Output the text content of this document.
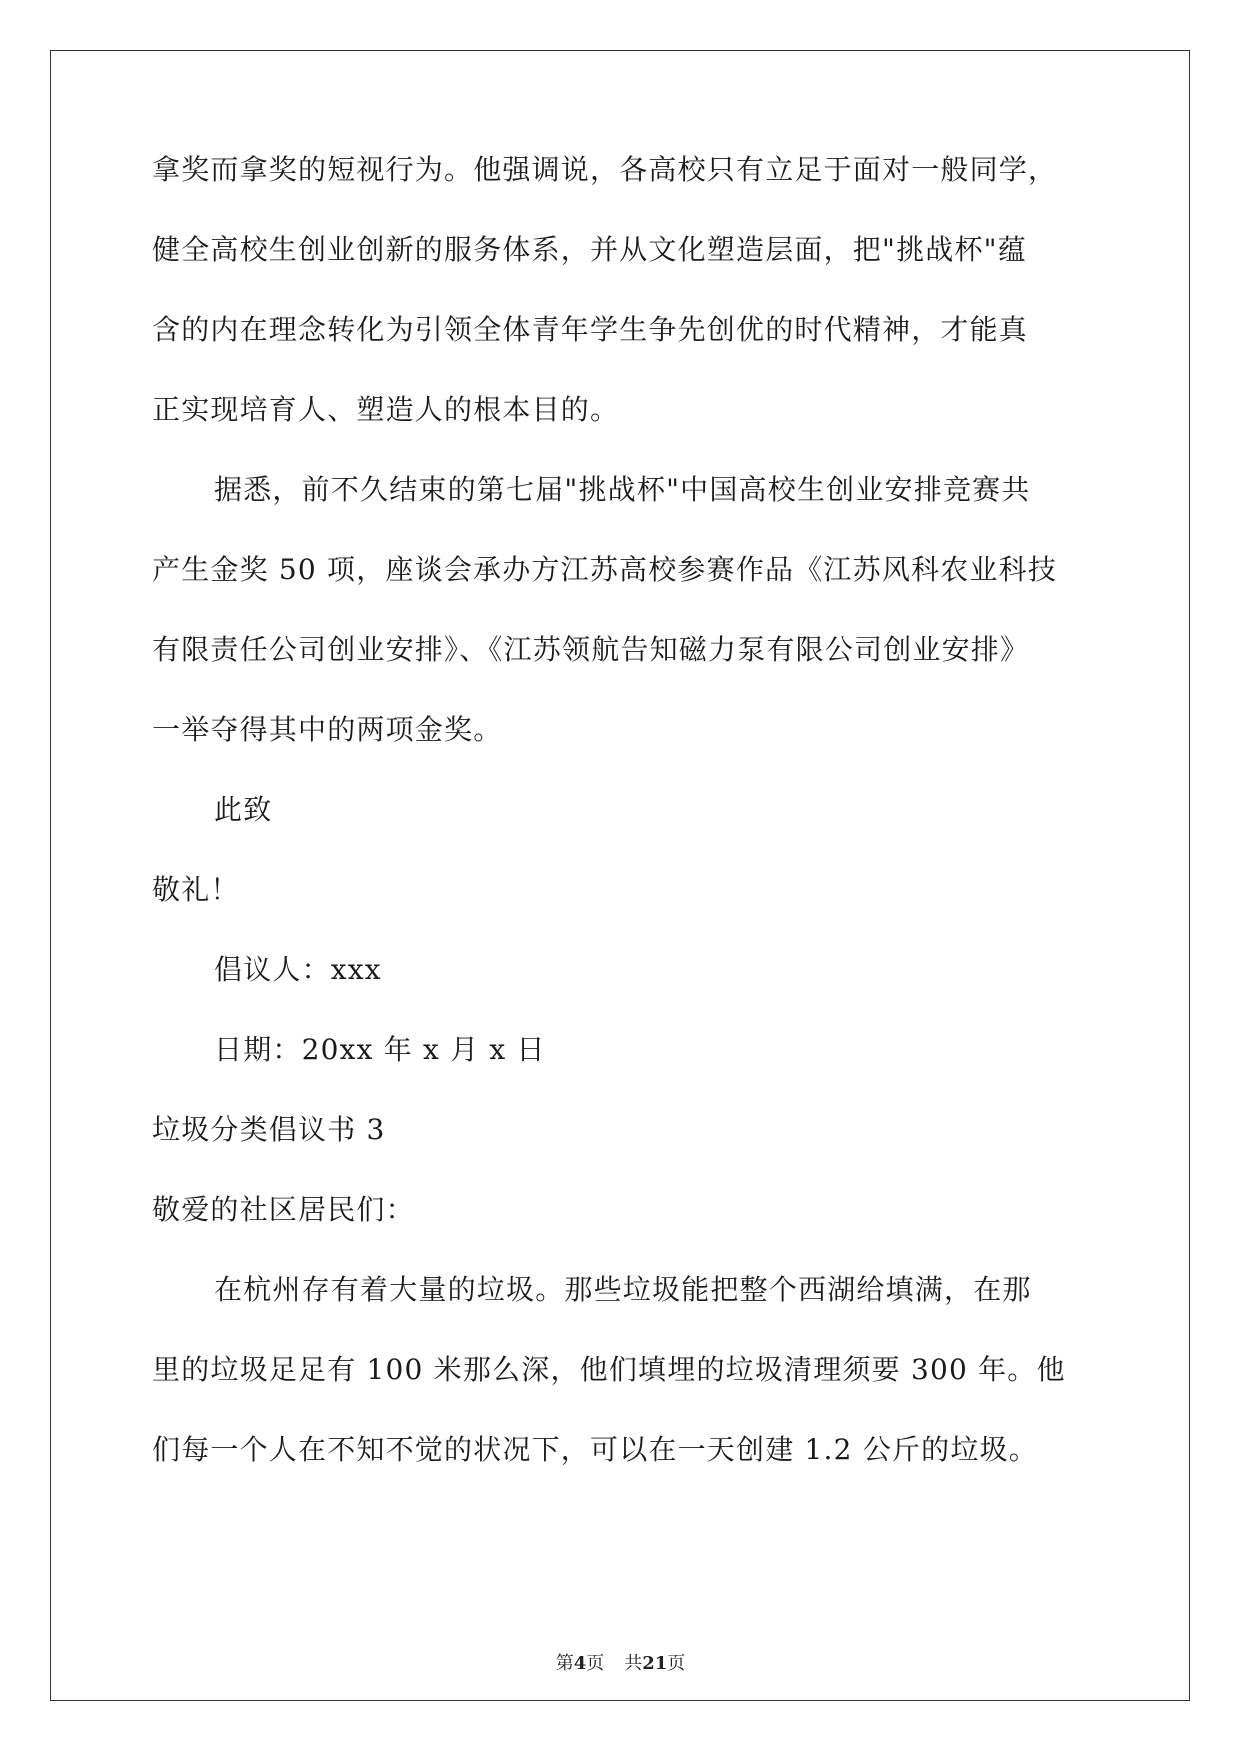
拿奖而拿奖的短视行为。他强调说，各高校只有立足于面对一般同学，
健全高校生创业创新的服务体系，并从文化塑造层面，把"挑战杯"蕴
含的内在理念转化为引领全体青年学生争先创优的时代精神，才能真
正实现培育人、塑造人的根本目的。
据悉，前不久结束的第七届"挑战杯"中国高校生创业安排竞赛共
产生金奖 50 项，座谈会承办方江苏高校参赛作品《江苏风科农业科技
有限责任公司创业安排》、《江苏领航告知磁力泵有限公司创业安排》
一举夺得其中的两项金奖。
此致
敬礼！
倡议人：xxx
日期：20xx 年 x 月 x 日
垃圾分类倡议书 3
敬爱的社区居民们：
在杭州存有着大量的垃圾。那些垃圾能把整个西湖给填满，在那
里的垃圾足足有 100 米那么深，他们填埋的垃圾清理须要 300 年。他
们每一个人在不知不觉的状况下，可以在一天创建 1.2 公斤的垃圾。
第4页 共21页
